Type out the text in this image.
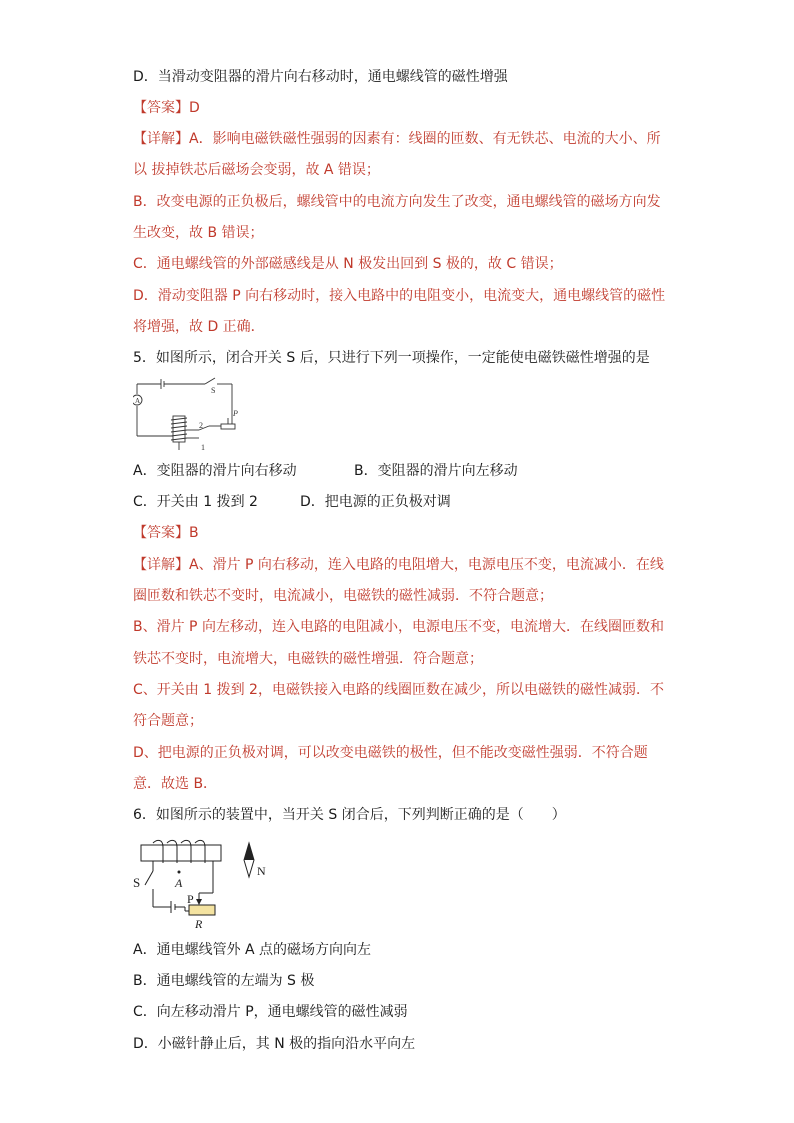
D．当滑动变阻器的滑片向右移动时，通电螺线管的磁性增强
【答案】D
【详解】A．影响电磁铁磁性强弱的因素有：线圈的匝数、有无铁芯、电流的大小、所
以 拔掉铁芯后磁场会变弱，故 A 错误；
B．改变电源的正负极后，螺线管中的电流方向发生了改变，通电螺线管的磁场方向发
生改变，故 B 错误；
C．通电螺线管的外部磁感线是从 N 极发出回到 S 极的，故 C 错误；
D．滑动变阻器 P 向右移动时，接入电路中的电阻变小，电流变大，通电螺线管的磁性
将增强，故 D 正确．
5．如图所示，闭合开关 S 后，只进行下列一项操作，一定能使电磁铁磁性增强的是
A
S
P
2
1
A．变阻器的滑片向右移动	B．变阻器的滑片向左移动
C．开关由 1 拨到 2	D．把电源的正负极对调
【答案】B
【详解】A、滑片 P 向右移动，连入电路的电阻增大，电源电压不变，电流减小．在线
圈匝数和铁芯不变时，电流减小，电磁铁的磁性减弱．不符合题意；
B、滑片 P 向左移动，连入电路的电阻减小，电源电压不变，电流增大．在线圈匝数和
铁芯不变时，电流增大，电磁铁的磁性增强．符合题意；
C、开关由 1 拨到 2，电磁铁接入电路的线圈匝数在减少，所以电磁铁的磁性减弱．不
符合题意；
D、把电源的正负极对调，可以改变电磁铁的极性，但不能改变磁性强弱．不符合题
意．故选 B．
6．如图所示的装置中，当开关 S 闭合后，下列判断正确的是（　　）
S	A
P
R
N
A．通电螺线管外 A 点的磁场方向向左
B．通电螺线管的左端为 S 极
C．向左移动滑片 P，通电螺线管的磁性减弱
D．小磁针静止后，其 N 极的指向沿水平向左
